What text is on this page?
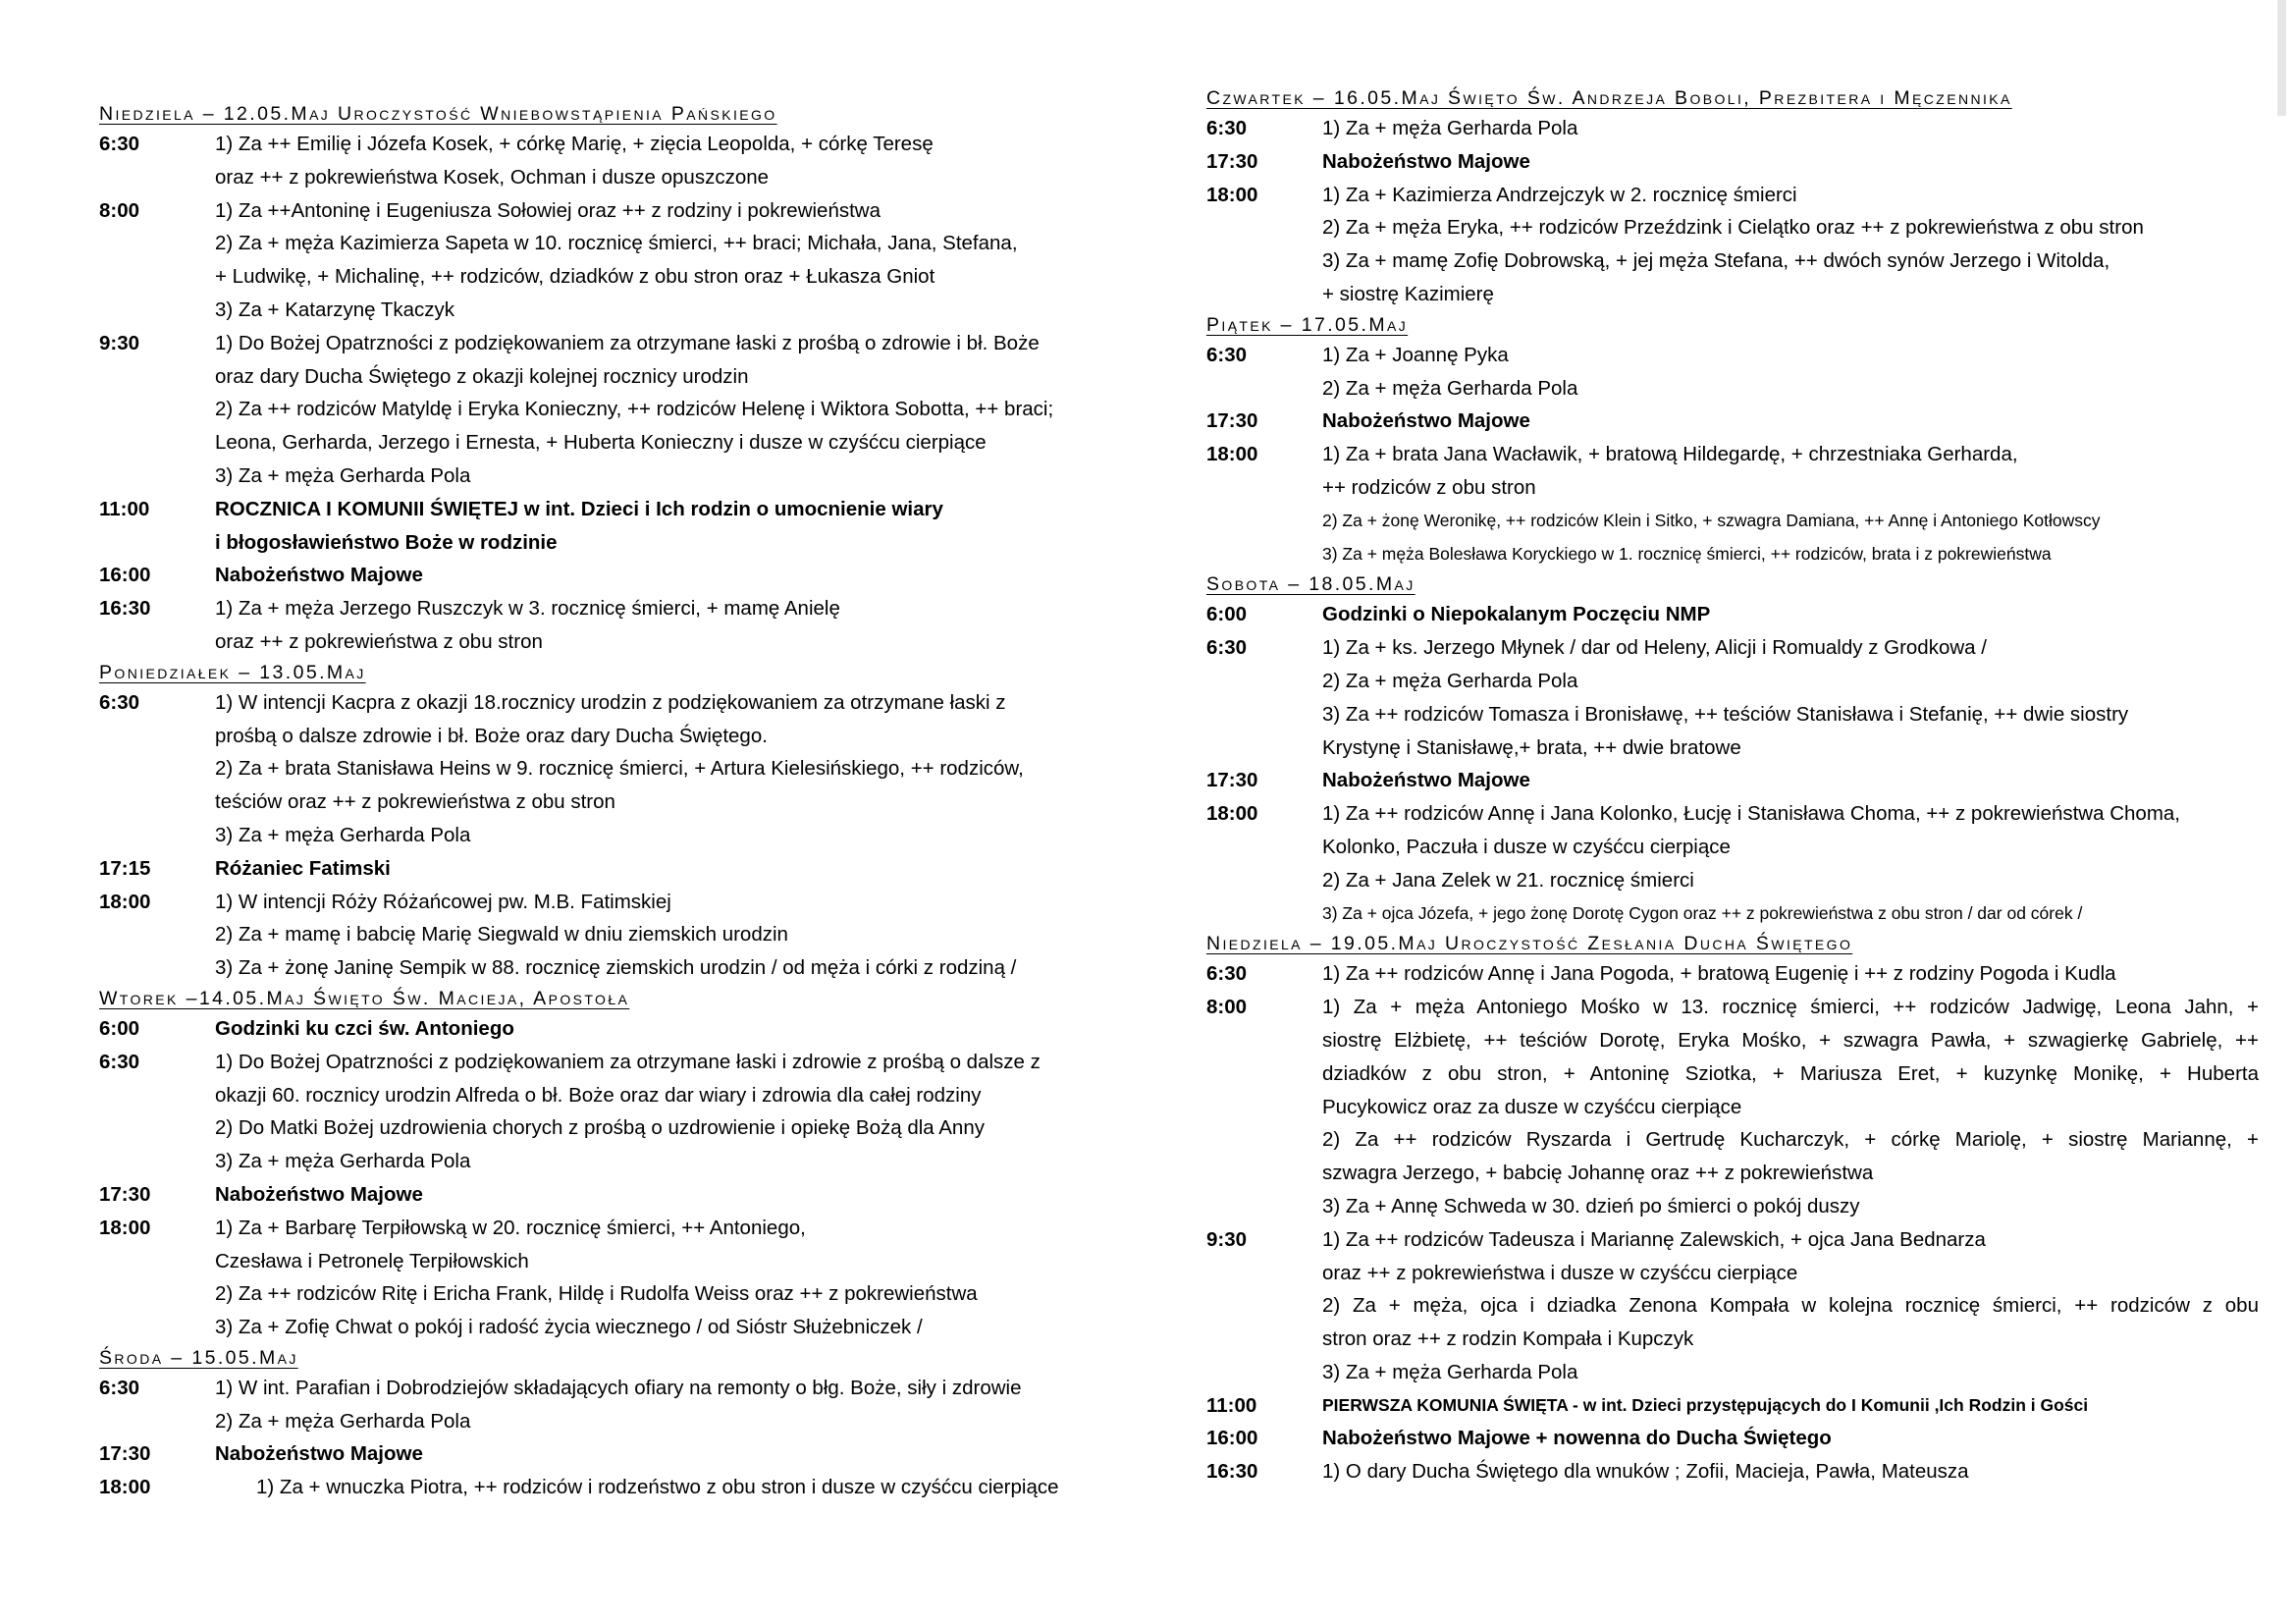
Niedziela – 12.05.Maj Uroczystość Wniebowstąpienia Pańskiego
6:30	1) Za ++ Emilię i Józefa Kosek, + córkę Marię, + zięcia Leopolda, + córkę Teresę
oraz ++ z pokrewieństwa Kosek, Ochman i dusze opuszczone
8:00	1) Za ++Antoninę i Eugeniusza Sołowiej oraz ++ z rodziny i pokrewieństwa
2) Za + męża Kazimierza Sapeta w 10. rocznicę śmierci, ++ braci; Michała, Jana, Stefana,
+ Ludwikę, + Michalinę, ++ rodziców, dziadków z obu stron oraz + Łukasza Gniot
3) Za + Katarzynę Tkaczyk
9:30	1) Do Bożej Opatrzności z podziękowaniem za otrzymane łaski z prośbą o zdrowie i bł. Boże
oraz dary Ducha Świętego z okazji kolejnej rocznicy urodzin
2) Za ++ rodziców Matyldę i Eryka Konieczny, ++ rodziców Helenę i Wiktora Sobotta, ++ braci;
Leona, Gerharda, Jerzego i Ernesta, + Huberta Konieczny i dusze w czyśćcu cierpiące
3) Za + męża Gerharda Pola
11:00	ROCZNICA I KOMUNII ŚWIĘTEJ w int. Dzieci i Ich rodzin o umocnienie wiary
i błogosławieństwo Boże w rodzinie
16:00	Nabożeństwo Majowe
16:30	1) Za + męża Jerzego Ruszczyk w 3. rocznicę śmierci, + mamę Anielę
oraz ++ z pokrewieństwa z obu stron
Poniedziałek – 13.05.Maj
6:30	1) W intencji Kacpra z okazji 18.rocznicy urodzin z podziękowaniem za otrzymane łaski z
prośbą o dalsze zdrowie i bł. Boże oraz dary Ducha Świętego.
2) Za + brata Stanisława Heins w 9. rocznicę śmierci, + Artura Kielesińskiego, ++ rodziców,
teściów oraz ++ z pokrewieństwa z obu stron
3) Za + męża Gerharda Pola
17:15	Różaniec Fatimski
18:00	1) W intencji Róży Różańcowej pw. M.B. Fatimskiej
2) Za + mamę i babcię Marię Siegwald w dniu ziemskich urodzin
3) Za + żonę Janinę Sempik w 88. rocznicę ziemskich urodzin / od męża i córki z rodziną /
Wtorek –14.05.Maj Święto Św. Macieja, Apostoła
6:00	Godzinki ku czci św. Antoniego
6:30	1) Do Bożej Opatrzności z podziękowaniem za otrzymane łaski i zdrowie z prośbą o dalsze z
okazji 60. rocznicy urodzin Alfreda o bł. Boże oraz dar wiary i zdrowia dla całej rodziny
2) Do Matki Bożej uzdrowienia chorych z prośbą o uzdrowienie i opiekę Bożą dla Anny
3) Za + męża Gerharda Pola
17:30	Nabożeństwo Majowe
18:00	1) Za + Barbarę Terpiłowską w 20. rocznicę śmierci, ++ Antoniego,
Czesława i Petronelę Terpiłowskich
2) Za ++ rodziców Ritę i Ericha Frank, Hildę i Rudolfa Weiss oraz ++ z pokrewieństwa
3) Za + Zofię Chwat o pokój i radość życia wiecznego / od Sióstr Służebniczek /
Środa – 15.05.Maj
6:30	1) W int. Parafian i Dobrodziejów składających ofiary na remonty o błg. Boże, siły i zdrowie
2) Za + męża Gerharda Pola
17:30	Nabożeństwo Majowe
18:00	1) Za + wnuczka Piotra, ++ rodziców i rodzeństwo z obu stron i dusze w czyśćcu cierpiące
Czwartek – 16.05.Maj Święto Św. Andrzeja Boboli, Prezbitera i Męczennika
6:30	1) Za + męża Gerharda Pola
17:30	Nabożeństwo Majowe
18:00	1) Za + Kazimierza Andrzejczyk w 2. rocznicę śmierci
2) Za + męża Eryka, ++ rodziców Przeździnk i Cielątko oraz ++ z pokrewieństwa z obu stron
3) Za + mamę Zofię Dobrowską, + jej męża Stefana, ++ dwóch synów Jerzego i Witolda,
+ siostrę Kazimierę
Piątek – 17.05.Maj
6:30	1) Za + Joannę Pyka
2) Za + męża Gerharda Pola
17:30	Nabożeństwo Majowe
18:00	1) Za + brata Jana Wacławik, + bratową Hildegardę, + chrzestniaka Gerharda,
++ rodziców z obu stron
2) Za + żonę Weronikę, ++ rodziców Klein i Sitko, + szwagra Damiana, ++ Annę i Antoniego Kotłowscy
3) Za + męża Bolesława Koryckiego w 1. rocznicę śmierci, ++ rodziców, brata i z pokrewieństwa
Sobota – 18.05.Maj
6:00	Godzinki o Niepokalanym Poczęciu NMP
6:30	1) Za + ks. Jerzego Młynek / dar od Heleny, Alicji i Romualdy z Grodkowa /
2) Za + męża Gerharda Pola
3) Za ++ rodziców Tomasza i Bronisławę, ++ teściów Stanisława i Stefanię, ++ dwie siostry
Krystynę i Stanisławę,+ brata, ++ dwie bratowe
17:30	Nabożeństwo Majowe
18:00	1) Za ++ rodziców Annę i Jana Kolonko, Łucję i Stanisława Choma, ++ z pokrewieństwa Choma,
Kolonko, Paczuła i dusze w czyśćcu cierpiące
2) Za + Jana Zelek w 21. rocznicę śmierci
3) Za + ojca Józefa, + jego żonę Dorotę Cygon oraz ++ z pokrewieństwa z obu stron / dar od córek /
Niedziela – 19.05.Maj Uroczystość Zesłania Ducha Świętego
6:30	1) Za ++ rodziców Annę i Jana Pogoda, + bratową Eugenię i ++ z rodziny Pogoda i Kudla
8:00	1) Za + męża Antoniego Mośko w 13. rocznicę śmierci, ++ rodziców Jadwigę, Leona Jahn, +
siostrę Elżbietę, ++ teściów Dorotę, Eryka Mośko, + szwagra Pawła, + szwagierkę Gabrielę, ++
dziadków z obu stron, + Antoninę Sziotka, + Mariusza Eret, + kuzynkę Monikę, + Huberta
Pucykowicz oraz za dusze w czyśćcu cierpiące
2) Za ++ rodziców Ryszarda i Gertrudę Kucharczyk, + córkę Mariolę, + siostrę Mariannę, +
szwagra Jerzego, + babcię Johannę oraz ++ z pokrewieństwa
3) Za + Annę Schweda w 30. dzień po śmierci o pokój duszy
9:30	1) Za ++ rodziców Tadeusza i Mariannę Zalewskich, + ojca Jana Bednarza
oraz ++ z pokrewieństwa i dusze w czyśćcu cierpiące
2) Za + męża, ojca i dziadka Zenona Kompała w kolejna rocznicę śmierci, ++ rodziców z obu
stron oraz ++ z rodzin Kompała i Kupczyk
3) Za + męża Gerharda Pola
11:00	PIERWSZA KOMUNIA ŚWIĘTA - w int. Dzieci przystępujących do I Komunii ,Ich Rodzin i Gości
16:00	Nabożeństwo Majowe + nowenna do Ducha Świętego
16:30	1) O dary Ducha Świętego dla wnuków ; Zofii, Macieja, Pawła, Mateusza
